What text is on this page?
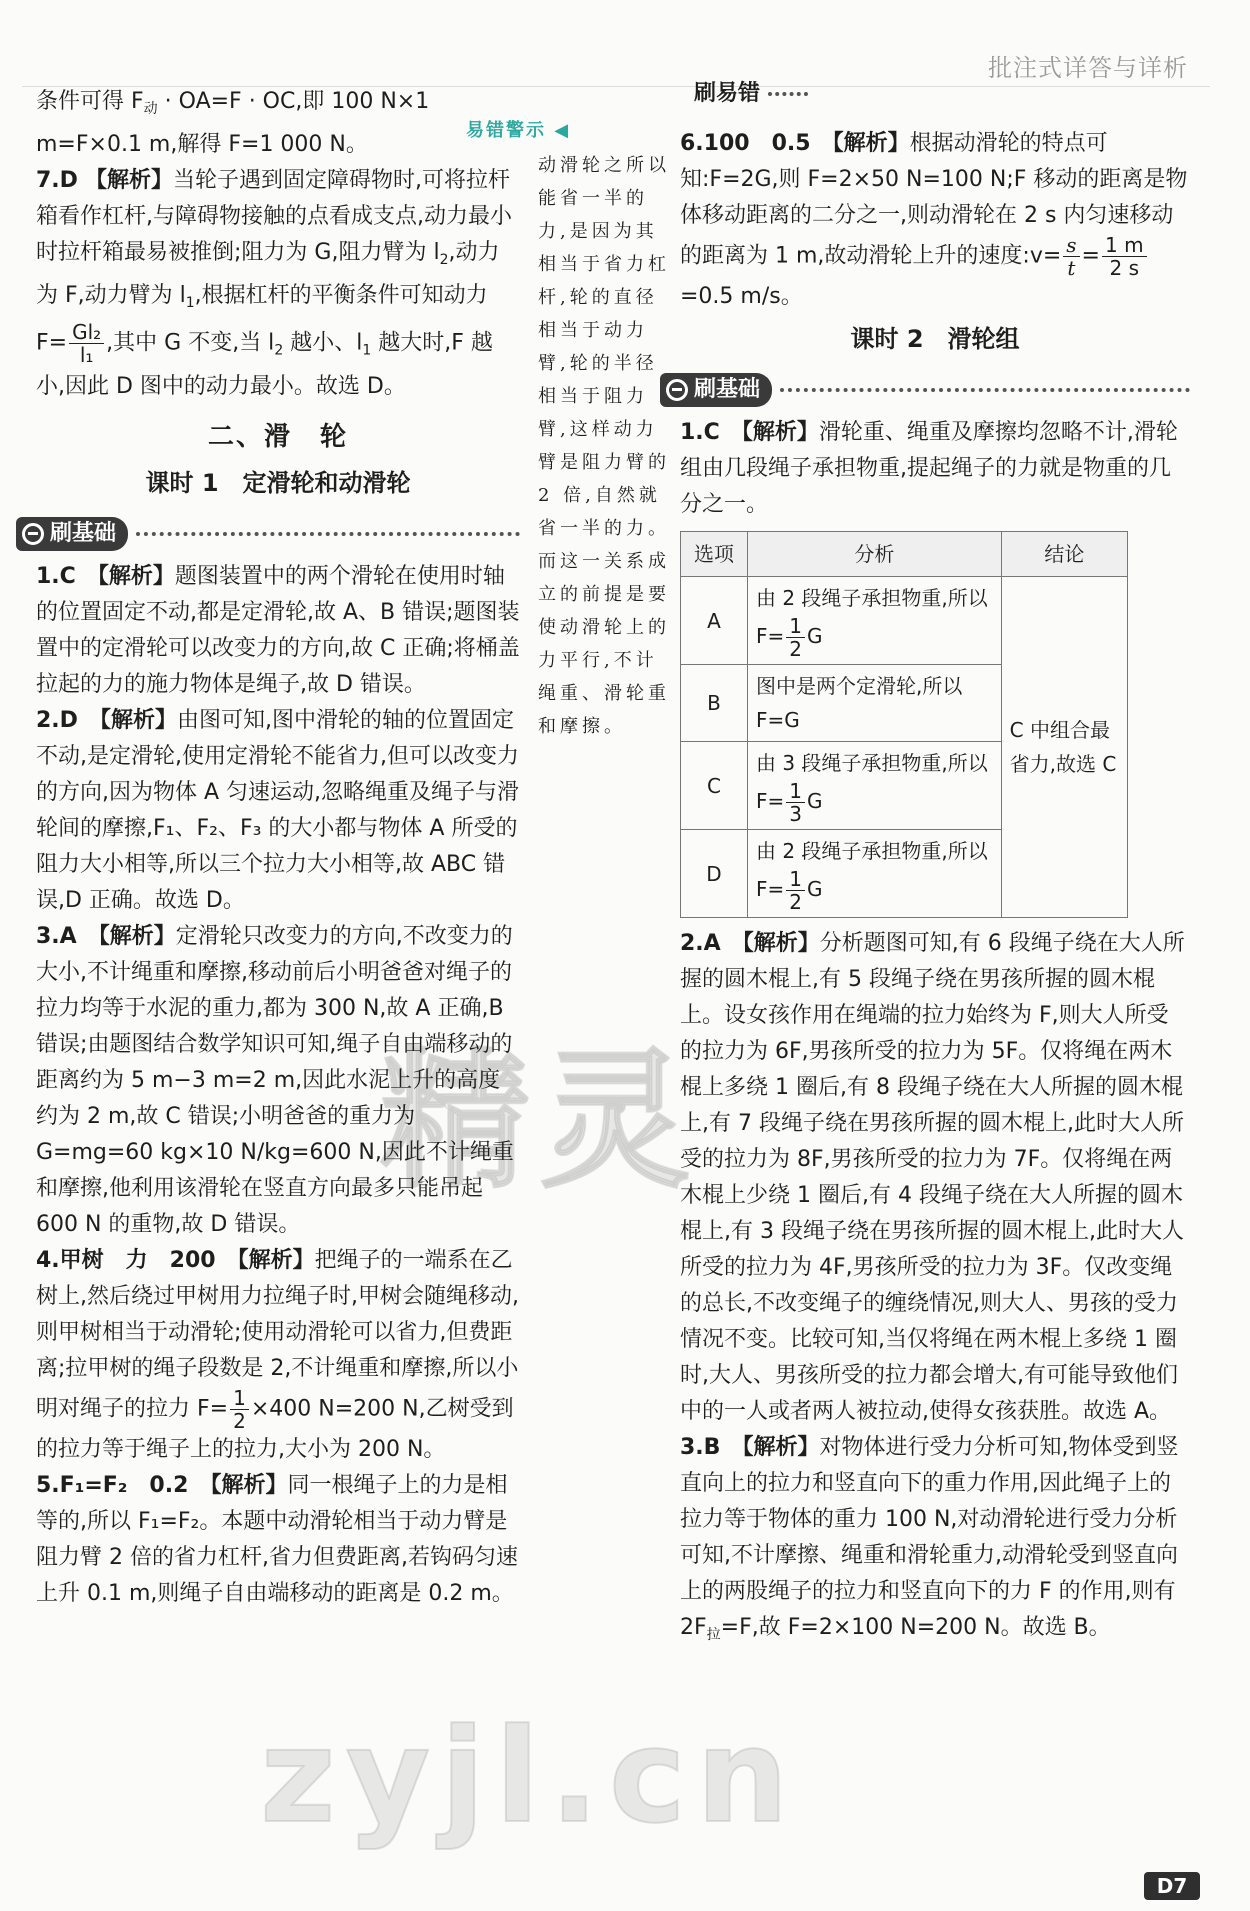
批注式详答与详析
精灵
zyjl.cn

条件可得 $F_动 \cdot OA=F$ · OC,即 100 N×1 m=F×0.1 m,解得 F=1 000 N。

7.D 【解析】当轮子遇到固定障碍物时,可将拉杆箱看作杠杆,与障碍物接触的点看成支点,动力最小时拉杆箱最易被推倒;阻力为 G,阻力臂为 $l_2$,动力为 F,动力臂为 $l_1$,根据杠杆的平衡条件可知动力 $F= \frac{\text{Gl₂}}{\text{l₁}}$ ,其中 G 不变,当 $l_2$ 越小、$l_1$ 越大时,F 越小,因此 D 图中的动力最小。故选 D。

二、滑　轮
课时 1　定滑轮和动滑轮
刷基础

1.C　 【解析】题图装置中的两个滑轮在使用时轴的位置固定不动,都是定滑轮,故 A、B 错误;题图装置中的定滑轮可以改变力的方向,故 C 正确;将桶盖拉起的力的施力物体是绳子,故 D 错误。

2.D　 【解析】由图可知,图中滑轮的轴的位置固定不动,是定滑轮,使用定滑轮不能省力,但可以改变力的方向,因为物体 A 匀速运动,忽略绳重及绳子与滑轮间的摩擦,F₁、F₂、F₃ 的大小都与物体 A 所受的阻力大小相等,所以三个拉力大小相等,故 ABC 错误,D 正确。故选 D。

3.A　 【解析】定滑轮只改变力的方向,不改变力的大小,不计绳重和摩擦,移动前后小明爸爸对绳子的拉力均等于水泥的重力,都为 300 N,故 A 正确,B 错误;由题图结合数学知识可知,绳子自由端移动的距离约为 5 m−3 m=2 m,因此水泥上升的高度约为 2 m,故 C 错误;小明爸爸的重力为 G=mg=60 kg×10 N/kg=600 N,因此不计绳重和摩擦,他利用该滑轮在竖直方向最多只能吊起 600 N 的重物,故 D 错误。

4.甲树　力　200　 【解析】把绳子的一端系在乙树上,然后绕过甲树用力拉绳子时,甲树会随绳移动,则甲树相当于动滑轮;使用动滑轮可以省力,但费距离;拉甲树的绳子段数是 2,不计绳重和摩擦,所以小明对绳子的拉力 $F= \frac{1}{2} \times 400$ N=200 N,乙树受到的拉力等于绳子上的拉力,大小为 200 N。

5.F₁=F₂　0.2　 【解析】同一根绳子上的力是相等的,所以 F₁=F₂。本题中动滑轮相当于动力臂是阻力臂 2 倍的省力杠杆,省力但费距离,若钩码匀速上升 0.1 m,则绳子自由端移动的距离是 0.2 m。

易错警示 ◀
动滑轮之所以能省一半的力,是因为其相当于省力杠杆,轮的直径相当于动力臂,轮的半径相当于阻力臂,这样动力臂是阻力臂的 2 倍,自然就省一半的力。而这一关系成立的前提是要使动滑轮上的力平行,不计绳重、滑轮重和摩擦。
刷易错

6.100　0.5　 【解析】根据动滑轮的特点可知:F=2G,则 F=2×50 N=100 N;F 移动的距离是物体移动距离的二分之一,则动滑轮在 2 s 内匀速移动的距离为 1 m,故动滑轮上升的速度:v= $\frac{s}{t} = \frac{1 m}{2 s}$
=0.5 m/s。

课时 2　滑轮组
刷基础

1.C　 【解析】滑轮重、绳重及摩擦均忽略不计,滑轮组由几段绳子承担物重,提起绳子的力就是物重的几分之一。

选项	分析	结论
A	由 2 段绳子承担物重,所以 $F= \frac{1}{2}$ G	C 中组合最省力,故选 C
B	图中是两个定滑轮,所以 F=G	
C	由 3 段绳子承担物重,所以 $F= \frac{1}{3}$ G	
D	由 2 段绳子承担物重,所以 $F= \frac{1}{2}$ G	

2.A　 【解析】分析题图可知,有 6 段绳子绕在大人所握的圆木棍上,有 5 段绳子绕在男孩所握的圆木棍上。设女孩作用在绳端的拉力始终为 F,则大人所受的拉力为 6F,男孩所受的拉力为 5F。仅将绳在两木棍上多绕 1 圈后,有 8 段绳子绕在大人所握的圆木棍上,有 7 段绳子绕在男孩所握的圆木棍上,此时大人所受的拉力为 8F,男孩所受的拉力为 7F。仅将绳在两木棍上少绕 1 圈后,有 4 段绳子绕在大人所握的圆木棍上,有 3 段绳子绕在男孩所握的圆木棍上,此时大人所受的拉力为 4F,男孩所受的拉力为 3F。仅改变绳的总长,不改变绳子的缠绕情况,则大人、男孩的受力情况不变。比较可知,当仅将绳在两木棍上多绕 1 圈时,大人、男孩所受的拉力都会增大,有可能导致他们中的一人或者两人被拉动,使得女孩获胜。故选 A。

3.B　 【解析】对物体进行受力分析可知,物体受到竖直向上的拉力和竖直向下的重力作用,因此绳子上的拉力等于物体的重力 100 N,对动滑轮进行受力分析可知,不计摩擦、绳重和滑轮重力,动滑轮受到竖直向上的两股绳子的拉力和竖直向下的力 F 的作用,则有 $2F_拉=F$,故 F=2×100 N=200 N。故选 B。

D7
